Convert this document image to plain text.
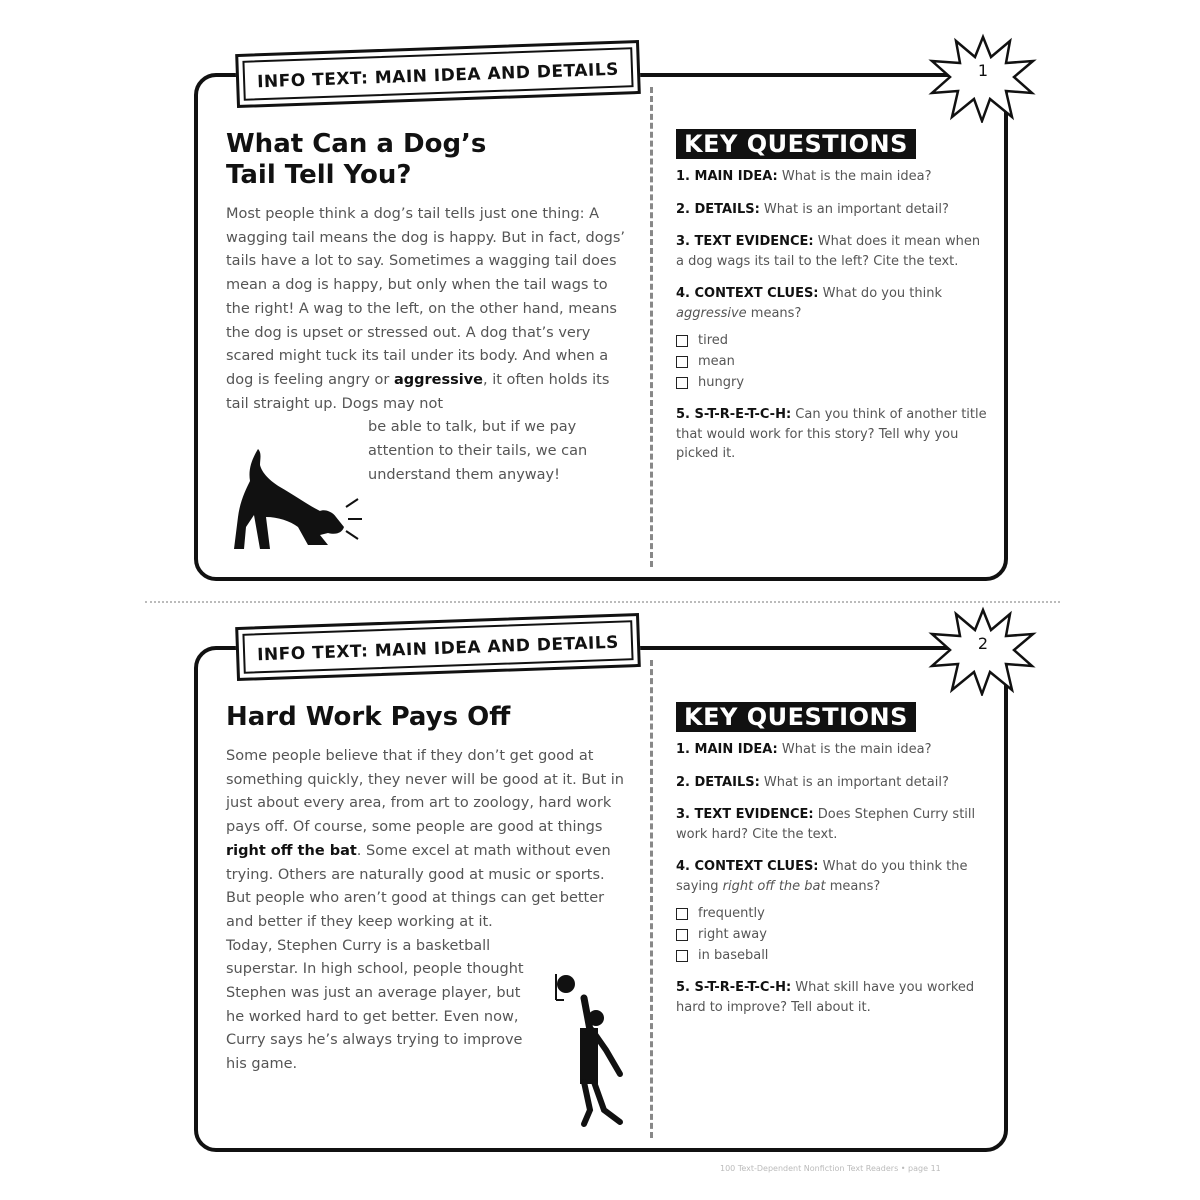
INFO TEXT: MAIN IDEA AND DETAILS	1
What Can a Dog’s
Tail Tell You?
Most people think a dog’s tail tells just one thing: A wagging tail means the dog is happy. But in fact, dogs’ tails have a lot to say. Sometimes a wagging tail does mean a dog is happy, but only when the tail wags to the right! A wag to the left, on the other hand, means the dog is upset or stressed out. A dog that’s very scared might tuck its tail under its body. And when a dog is feeling angry or aggressive, it often holds its tail straight up. Dogs may not
be able to talk, but if we pay attention to their tails, we can understand them anyway!
KEY QUESTIONS
1. MAIN IDEA: What is the main idea?
2. DETAILS: What is an important detail?
3. TEXT EVIDENCE: What does it mean when a dog wags its tail to the left? Cite the text.
4. CONTEXT CLUES: What do you think aggressive means?
tired
mean
hungry
5. S-T-R-E-T-C-H: Can you think of another title that would work for this story? Tell why you picked it.
INFO TEXT: MAIN IDEA AND DETAILS	2
Hard Work Pays Off
Some people believe that if they don’t get good at something quickly, they never will be good at it. But in just about every area, from art to zoology, hard work pays off. Of course, some people are good at things right off the bat. Some excel at math without even trying. Others are naturally good at music or sports. But people who aren’t good at things can get better and better if they keep working at it.
Today, Stephen Curry is a basketball superstar. In high school, people thought Stephen was just an average player, but he worked hard to get better. Even now, Curry says he’s always trying to improve his game.
KEY QUESTIONS
1. MAIN IDEA: What is the main idea?
2. DETAILS: What is an important detail?
3. TEXT EVIDENCE: Does Stephen Curry still work hard? Cite the text.
4. CONTEXT CLUES: What do you think the saying right off the bat means?
frequently
right away
in baseball
5. S-T-R-E-T-C-H: What skill have you worked hard to improve? Tell about it.
100 Text-Dependent Nonfiction Text Readers • page 11
